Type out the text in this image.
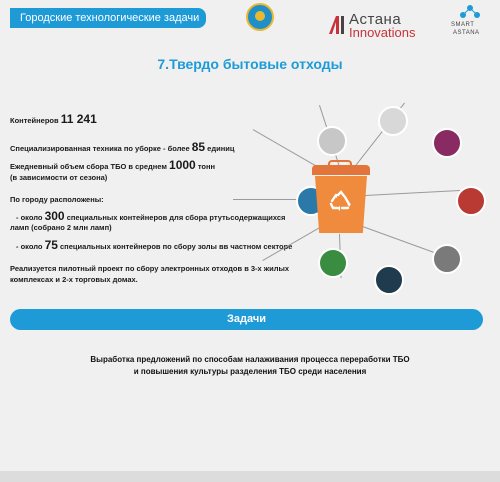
Городские технологические задачи	Астана
Innovations	SMART
ASTANA
7.Твердо бытовые отходы
Контейнеров 11 241
Специализированная техника по уборке - более 85 единиц
Ежедневный объем сбора ТБО в среднем 1000 тонн
(в зависимости от сезона)
По городу расположены:
- около 300 специальных контейнеров для сбора ртутьсодержащихся
ламп (собрано 2 млн ламп)
- около 75 специальных контейнеров по сбору золы вв частном секторе
Реализуется пилотный проект по сбору электронных отходов в 3-х жилых
комплексах и 2-х торговых домах.
Задачи
Выработка предложений по способам налаживания процесса переработки ТБО
и повышения культуры разделения ТБО среди населения
